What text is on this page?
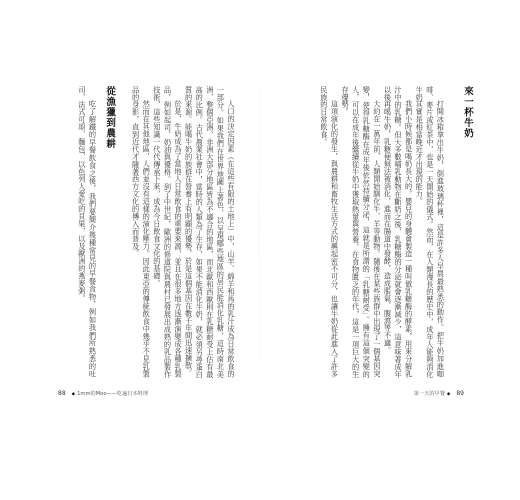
人口的決定因素（在這些有限的土地上）中，山羊、綿羊和馬的乳汁成為日常飲食的一部分。如果我們在世界地圖上著色，以呈現哪些地區的居民能消化乳糖，這時南北美洲、整個亞洲、非洲大部分地區皆為不適合的地區，而北歐和西歐則在乳糖耐受上佔有最高的比例。古代農業社會中，當時的人類為了生存，如果不能消化牛奶，就必須另尋蛋白質的來源。能喝牛奶的族群在營養上有明顯的優勢，於是這個基因在數千年間迅速擴散。

於是，牛奶成為了當地人日常飲食的重要來源，並且在很多地方逐漸演變成各種乳製品，例如起司、奶油與優格。到了中世紀，歐洲的修道院與農村已發展出成熟的乳品製作技術，這些知識一代代傳承下來，成為今日飲食文化的基礎。

然而在其他地區，人們並沒有這樣的演化壓力。因此東亞的傳統飲食中幾乎不見乳製品的身影，直到近代才隨著西方文化的傳入而普及。

從漁獵到農耕

吃了解鐵的早餐飲食之後，我們要簡介幾種常見的早餐食物，例如我們所熟悉的吐司、法式可頌、麵包、以色列人愛吃的貝果，以及歐洲的燕麥粥。

88 ◆ 1mm的Moo——吃遍日本料理

來一杯牛奶

打開冰箱拿出牛奶，倒進玻璃杯裡，這是許多人早晨最熟悉的動作。把牛奶加進咖啡、麥片或紅茶中，也是一天開始的儀式。然而，在人類漫長的歷史中，成年人能夠消化牛奶其實是相當晚近才出現的能力。

我們小時候都是喝奶長大的，嬰兒的身體會製造一種叫做乳糖酶的酵素，用來分解乳汁中的乳糖。但大多數哺乳動物在斷奶之後，乳糖酶的分泌就會逐漸減少，這意味著成年以後再喝牛奶，乳糖便無法被消化，進而在腸道中發酵，造成脹氣、腹瀉等不適。

大約在一萬年前，人類開始馴化牛、羊等動物。隨後在某些族群中出現了一個基因突變，使得乳糖酶在成年後依然持續分泌，這就是所謂的「乳糖耐受」。擁有這個突變的人，可以在成年後繼續從牛奶中獲取熱量與營養，在食物匱乏的年代，這是一項巨大的生存優勢。

這項演化的發生，與農耕和畜牧生活方式的興起密不可分，也讓牛奶從此進入了許多民族的日常飲食。

第一天的早餐 ◆ 89
